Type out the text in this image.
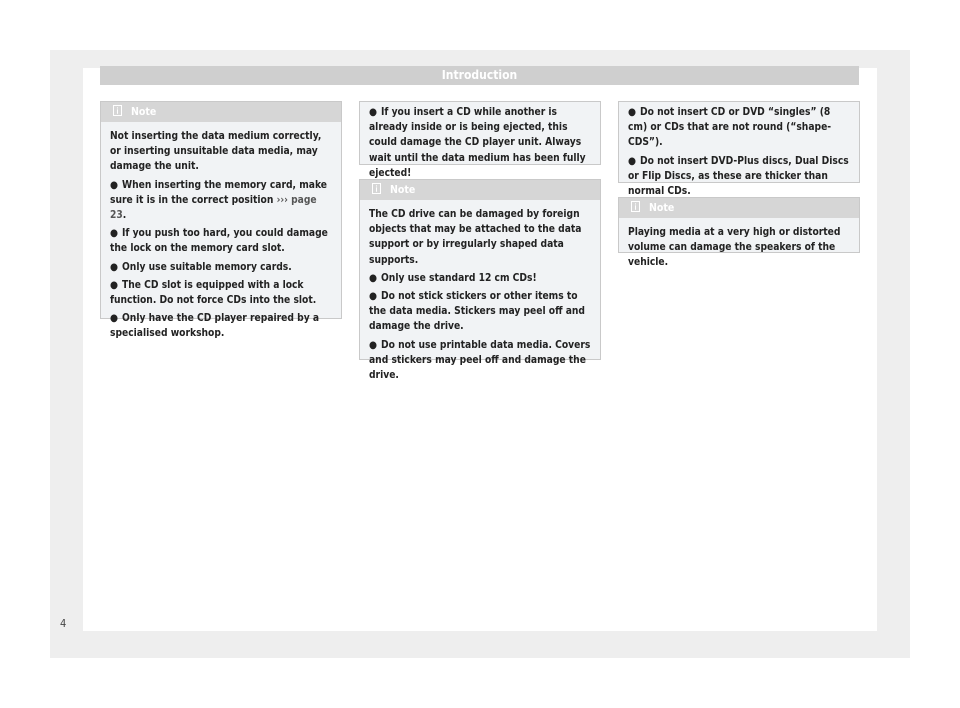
Introduction
Note

Not inserting the data medium correctly, or inserting unsuitable data media, may damage the unit.

● When inserting the memory card, make sure it is in the correct position ››› page 23.

● If you push too hard, you could damage the lock on the memory card slot.

● Only use suitable memory cards.

● The CD slot is equipped with a lock function. Do not force CDs into the slot.

● Only have the CD player repaired by a specialised workshop.

● If you insert a CD while another is already inside or is being ejected, this could damage the CD player unit. Always wait until the data medium has been fully ejected!

Note

The CD drive can be damaged by foreign objects that may be attached to the data support or by irregularly shaped data supports.

● Only use standard 12 cm CDs!

● Do not stick stickers or other items to the data media. Stickers may peel off and damage the drive.

● Do not use printable data media. Covers and stickers may peel off and damage the drive.

● Do not insert CD or DVD “singles” (8 cm) or CDs that are not round (“shape-CDS”).

● Do not insert DVD-Plus discs, Dual Discs or Flip Discs, as these are thicker than normal CDs.

Note

Playing media at a very high or distorted volume can damage the speakers of the vehicle.

4
